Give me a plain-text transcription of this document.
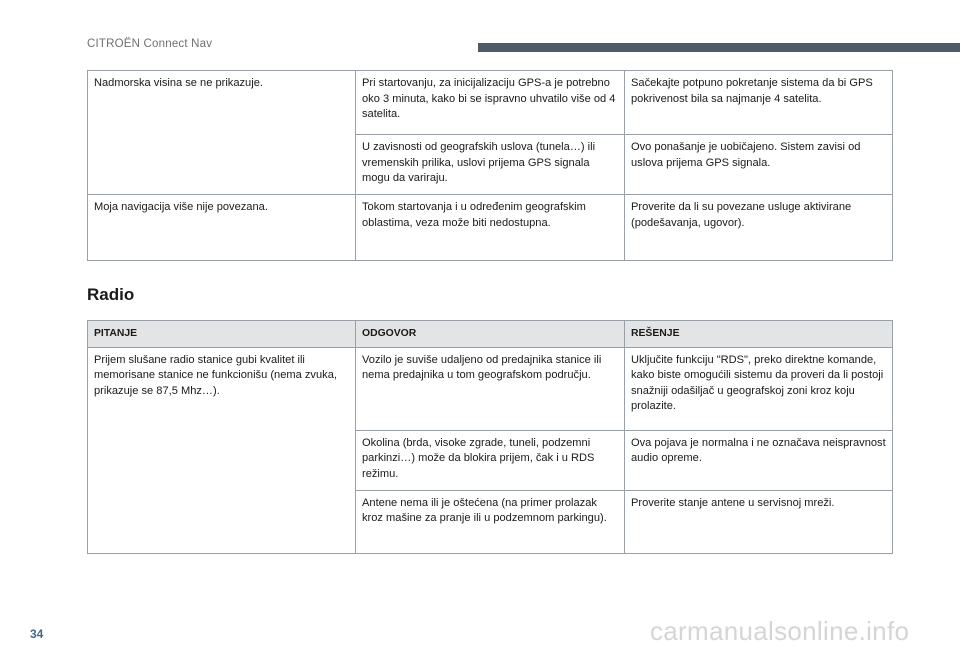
CITROËN Connect Nav
Nadmorska visina se ne prikazuje.	Pri startovanju, za inicijalizaciju GPS-a je potrebno oko 3 minuta, kako bi se ispravno uhvatilo više od 4 satelita.	Sačekajte potpuno pokretanje sistema da bi GPS pokrivenost bila sa najmanje 4 satelita.
	U zavisnosti od geografskih uslova (tunela…) ili vremenskih prilika, uslovi prijema GPS signala mogu da variraju.	Ovo ponašanje je uobičajeno. Sistem zavisi od uslova prijema GPS signala.
Moja navigacija više nije povezana.	Tokom startovanja i u određenim geografskim oblastima, veza može biti nedostupna.	Proverite da li su povezane usluge aktivirane (podešavanja, ugovor).
Radio
PITANJE	ODGOVOR	REŠENJE
Prijem slušane radio stanice gubi kvalitet ili memorisane stanice ne funkcionišu (nema zvuka, prikazuje se 87,5 Mhz…).	Vozilo je suviše udaljeno od predajnika stanice ili nema predajnika u tom geografskom području.	Uključite funkciju "RDS", preko direktne komande, kako biste omogućili sistemu da proveri da li postoji snažniji odašiljač u geografskoj zoni kroz koju prolazite.
	Okolina (brda, visoke zgrade, tuneli, podzemni parkinzi…) može da blokira prijem, čak i u RDS režimu.	Ova pojava je normalna i ne označava neispravnost audio opreme.
	Antene nema ili je oštećena (na primer prolazak kroz mašine za pranje ili u podzemnom parkingu).	Proverite stanje antene u servisnoj mreži.
34	carmanualsonline.info
